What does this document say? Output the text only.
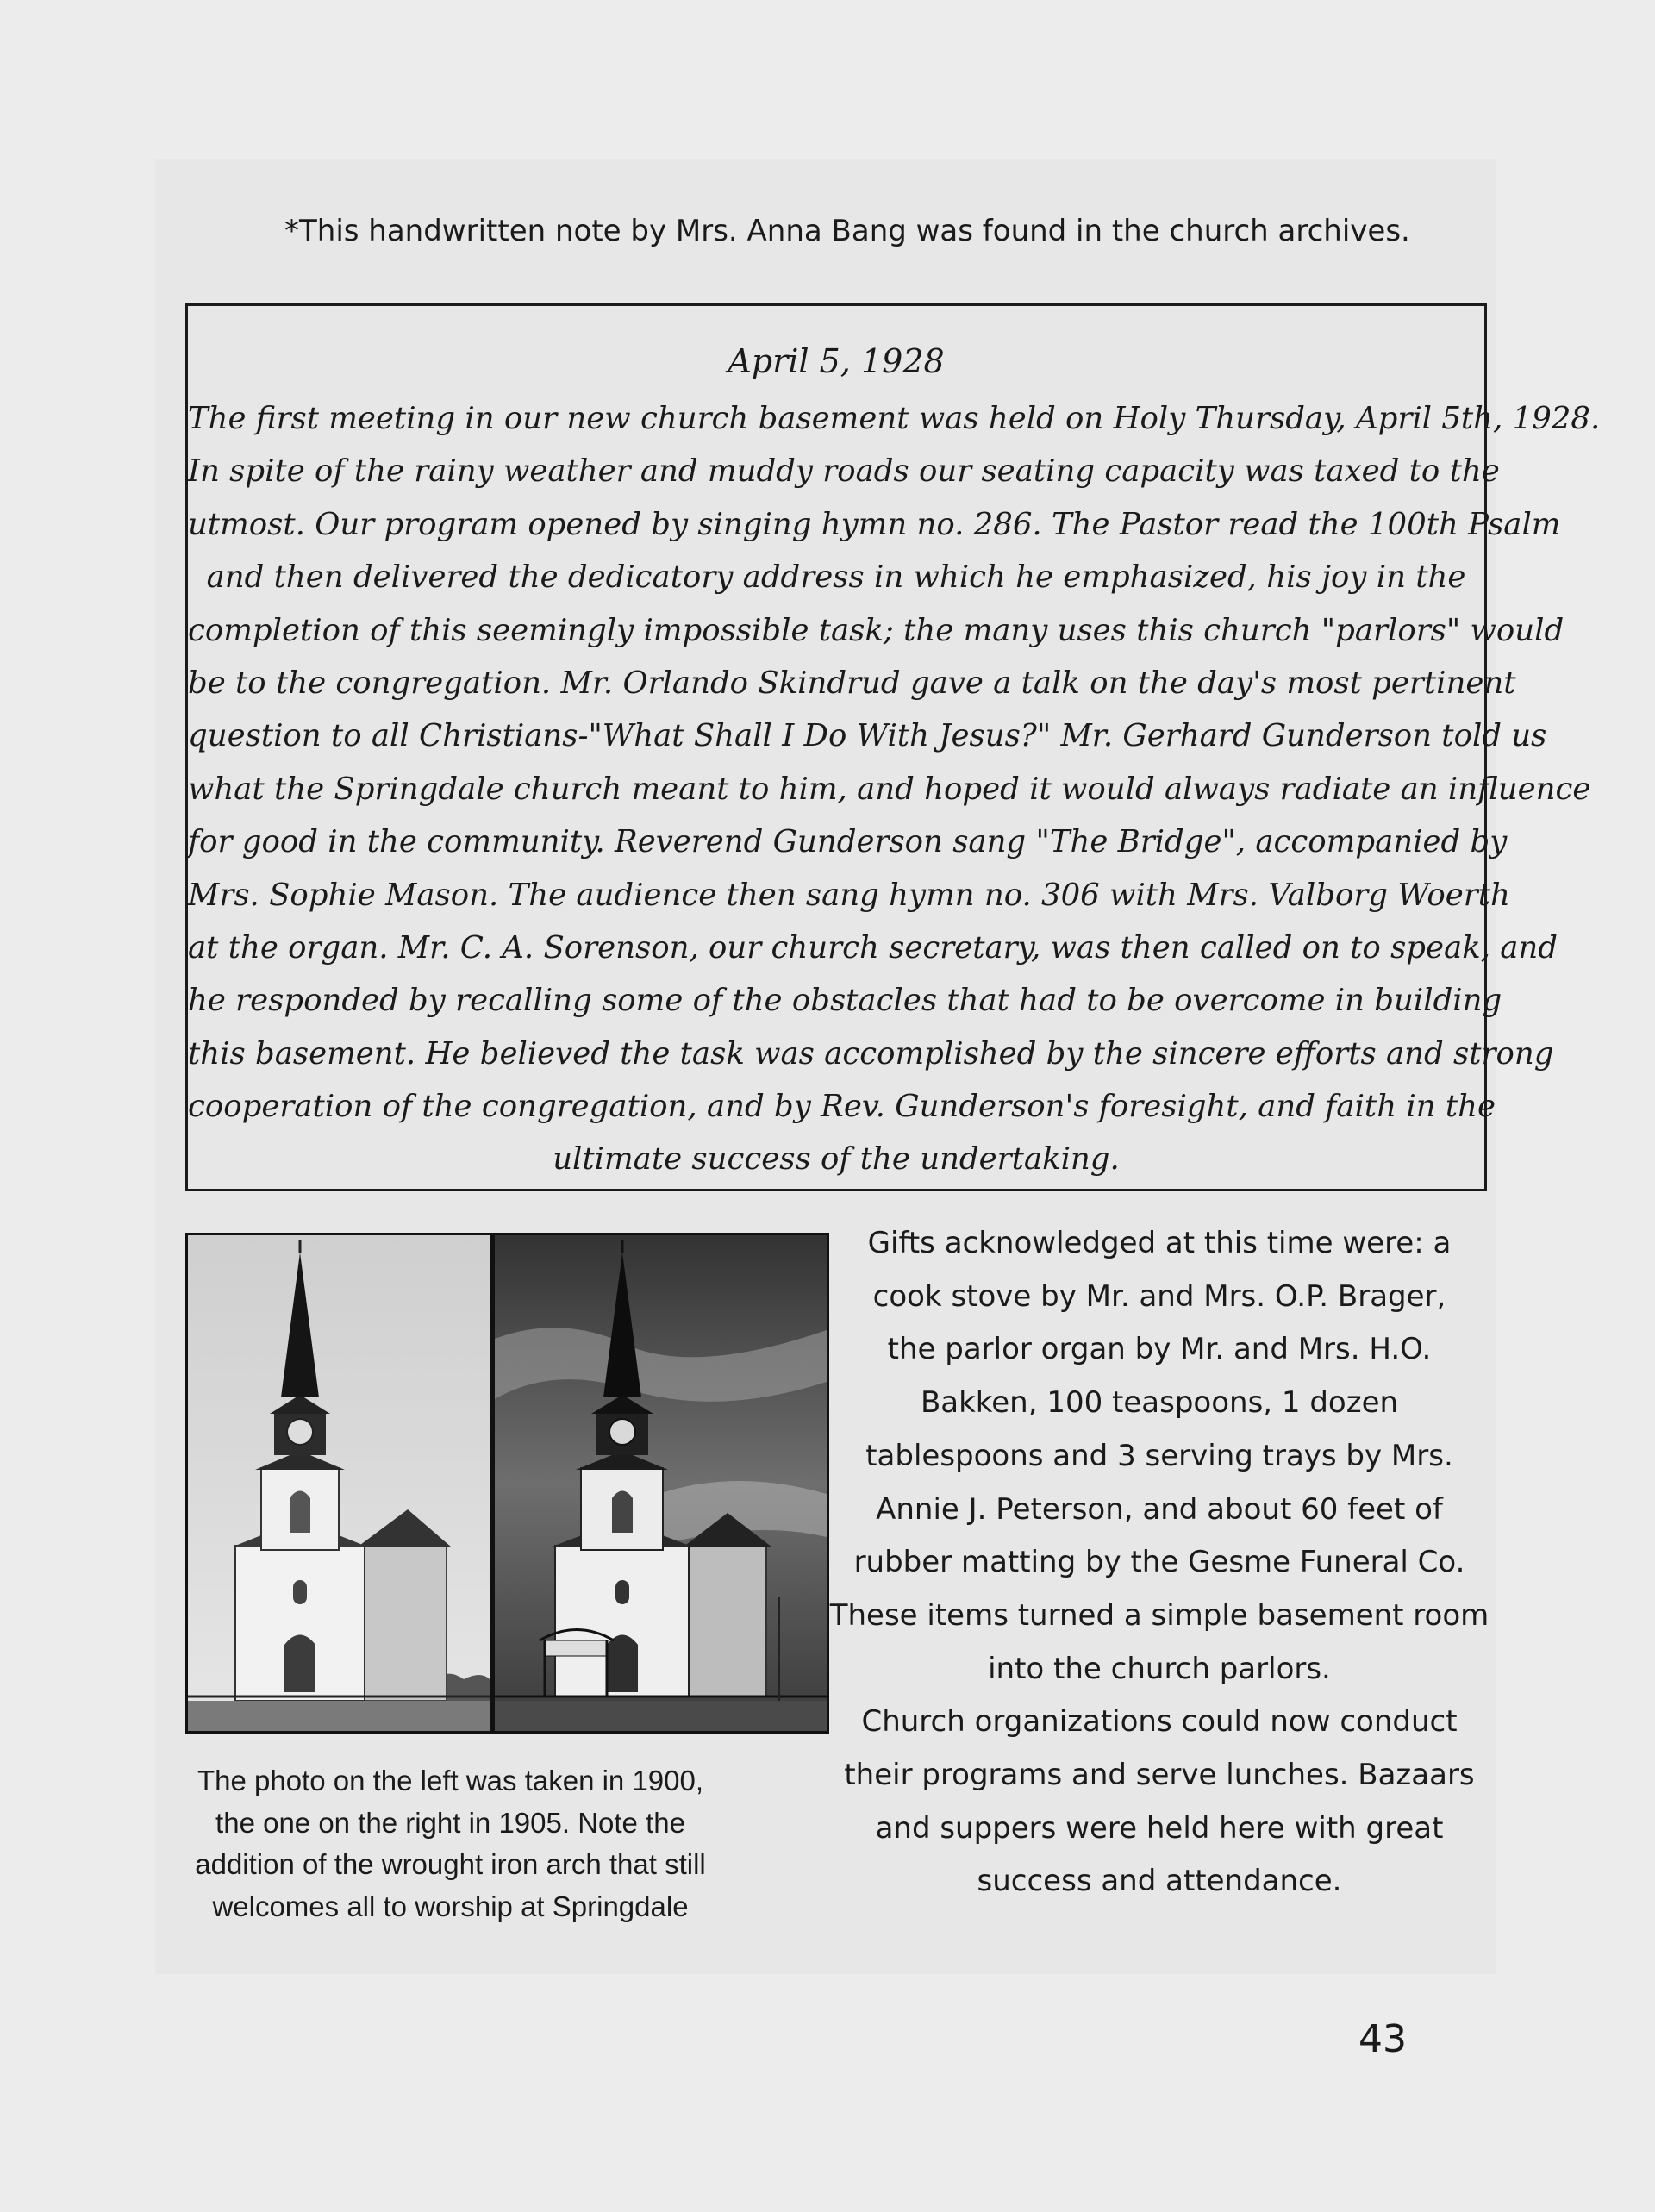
*This handwritten note by Mrs. Anna Bang was found in the church archives.
April 5, 1928
The first meeting in our new church basement was held on Holy Thursday, April 5th, 1928.
In spite of the rainy weather and muddy roads our seating capacity was taxed to the
utmost. Our program opened by singing hymn no. 286. The Pastor read the 100th Psalm
and then delivered the dedicatory address in which he emphasized, his joy in the
completion of this seemingly impossible task; the many uses this church "parlors" would
be to the congregation. Mr. Orlando Skindrud gave a talk on the day's most pertinent
question to all Christians-"What Shall I Do With Jesus?" Mr. Gerhard Gunderson told us
what the Springdale church meant to him, and hoped it would always radiate an influence
for good in the community. Reverend Gunderson sang "The Bridge", accompanied by
Mrs. Sophie Mason. The audience then sang hymn no. 306 with Mrs. Valborg Woerth
at the organ. Mr. C. A. Sorenson, our church secretary, was then called on to speak, and
he responded by recalling some of the obstacles that had to be overcome in building
this basement. He believed the task was accomplished by the sincere efforts and strong
cooperation of the congregation, and by Rev. Gunderson's foresight, and faith in the
ultimate success of the undertaking.
The photo on the left was taken in 1900, the one on the right in 1905. Note the addition of the wrought iron arch that still welcomes all to worship at Springdale
Gifts acknowledged at this time were: a
cook stove by Mr. and Mrs. O.P. Brager,
the parlor organ by Mr. and Mrs. H.O.
Bakken, 100 teaspoons, 1 dozen
tablespoons and 3 serving trays by Mrs.
Annie J. Peterson, and about 60 feet of
rubber matting by the Gesme Funeral Co.
These items turned a simple basement room
into the church parlors.
Church organizations could now conduct
their programs and serve lunches. Bazaars
and suppers were held here with great
success and attendance.
43
